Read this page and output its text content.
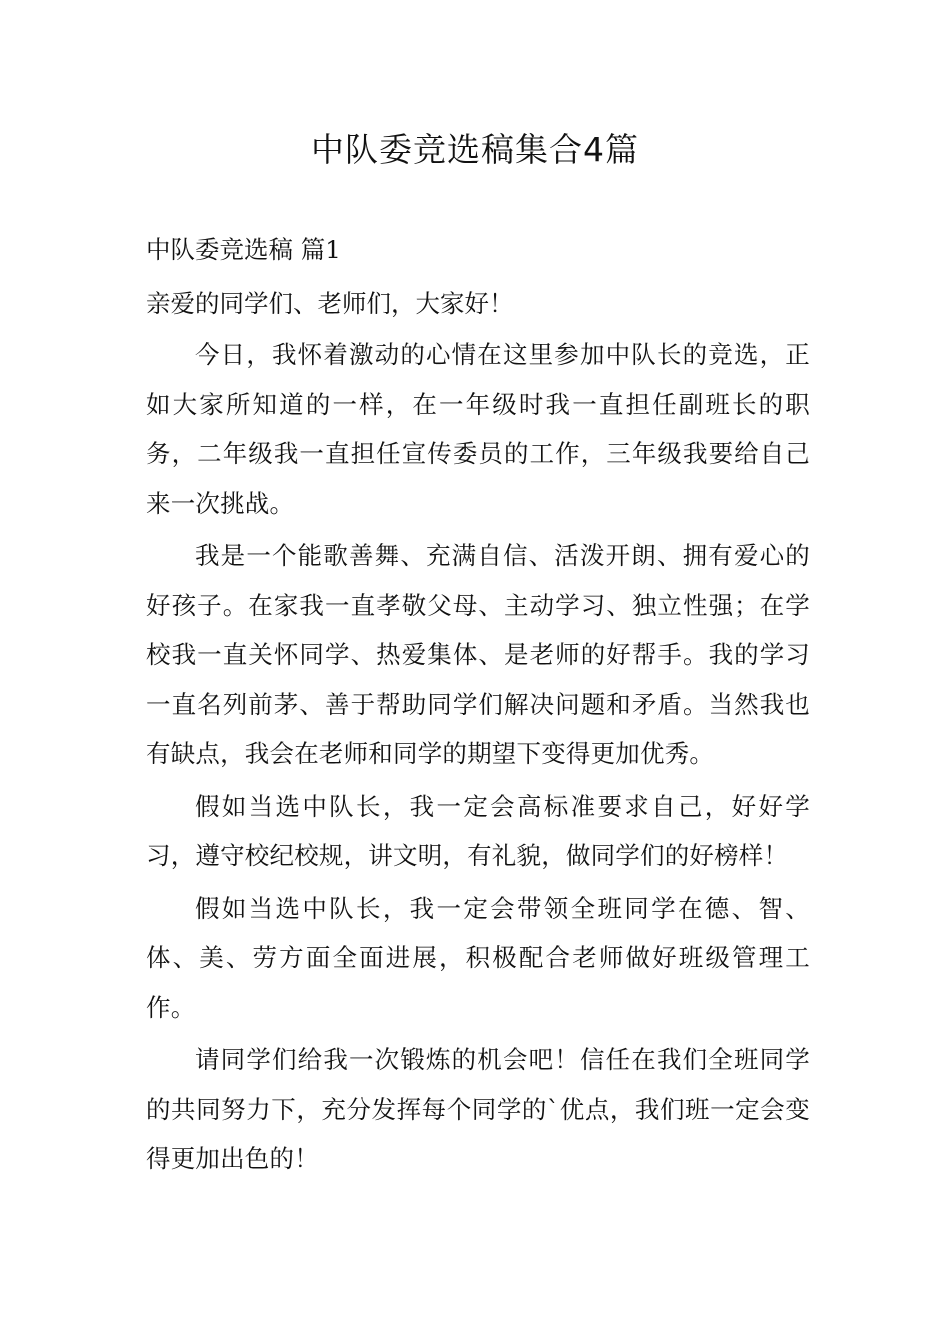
中队委竞选稿集合4篇
中队委竞选稿 篇1

亲爱的同学们、老师们，大家好！

今日，我怀着激动的心情在这里参加中队长的竞选，正如大家所知道的一样，在一年级时我一直担任副班长的职务，二年级我一直担任宣传委员的工作，三年级我要给自己来一次挑战。

我是一个能歌善舞、充满自信、活泼开朗、拥有爱心的好孩子。在家我一直孝敬父母、主动学习、独立性强；在学校我一直关怀同学、热爱集体、是老师的好帮手。我的学习一直名列前茅、善于帮助同学们解决问题和矛盾。当然我也有缺点，我会在老师和同学的期望下变得更加优秀。

假如当选中队长，我一定会高标准要求自己，好好学习，遵守校纪校规，讲文明，有礼貌，做同学们的好榜样！

假如当选中队长，我一定会带领全班同学在德、智、体、美、劳方面全面进展，积极配合老师做好班级管理工作。

请同学们给我一次锻炼的机会吧！信任在我们全班同学的共同努力下，充分发挥每个同学的`优点，我们班一定会变得更加出色的！
